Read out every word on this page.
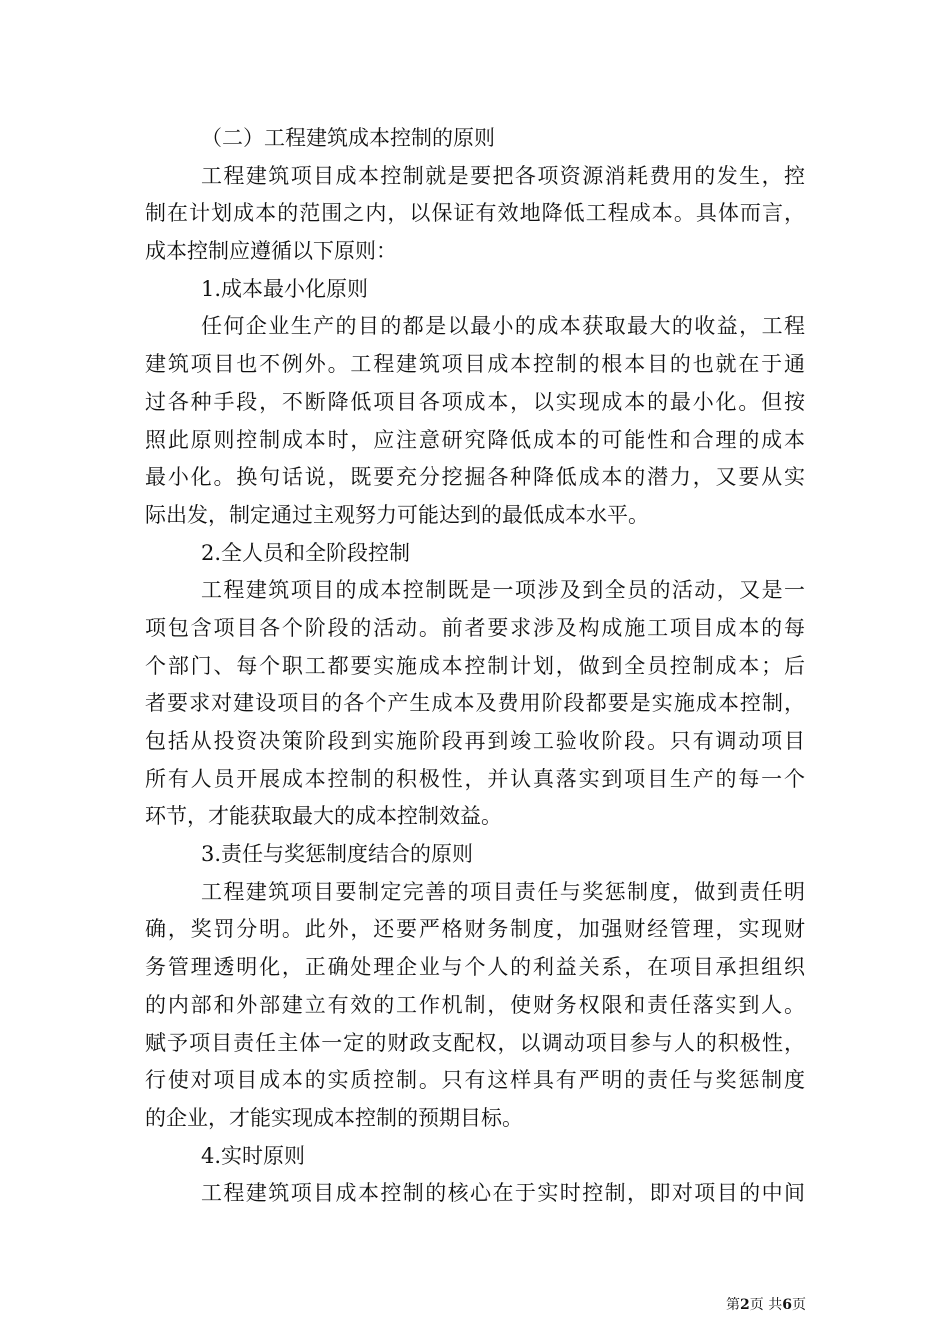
（二）工程建筑成本控制的原则
工程建筑项目成本控制就是要把各项资源消耗费用的发生，控
制在计划成本的范围之内，以保证有效地降低工程成本。具体而言，
成本控制应遵循以下原则：
1.成本最小化原则
任何企业生产的目的都是以最小的成本获取最大的收益，工程
建筑项目也不例外。工程建筑项目成本控制的根本目的也就在于通
过各种手段，不断降低项目各项成本，以实现成本的最小化。但按
照此原则控制成本时，应注意研究降低成本的可能性和合理的成本
最小化。换句话说，既要充分挖掘各种降低成本的潜力，又要从实
际出发，制定通过主观努力可能达到的最低成本水平。
2.全人员和全阶段控制
工程建筑项目的成本控制既是一项涉及到全员的活动，又是一
项包含项目各个阶段的活动。前者要求涉及构成施工项目成本的每
个部门、每个职工都要实施成本控制计划，做到全员控制成本；后
者要求对建设项目的各个产生成本及费用阶段都要是实施成本控制，
包括从投资决策阶段到实施阶段再到竣工验收阶段。只有调动项目
所有人员开展成本控制的积极性，并认真落实到项目生产的每一个
环节，才能获取最大的成本控制效益。
3.责任与奖惩制度结合的原则
工程建筑项目要制定完善的项目责任与奖惩制度，做到责任明
确，奖罚分明。此外，还要严格财务制度，加强财经管理，实现财
务管理透明化，正确处理企业与个人的利益关系，在项目承担组织
的内部和外部建立有效的工作机制，使财务权限和责任落实到人。
赋予项目责任主体一定的财政支配权，以调动项目参与人的积极性，
行使对项目成本的实质控制。只有这样具有严明的责任与奖惩制度
的企业，才能实现成本控制的预期目标。
4.实时原则
工程建筑项目成本控制的核心在于实时控制，即对项目的中间
第2页 共6页
